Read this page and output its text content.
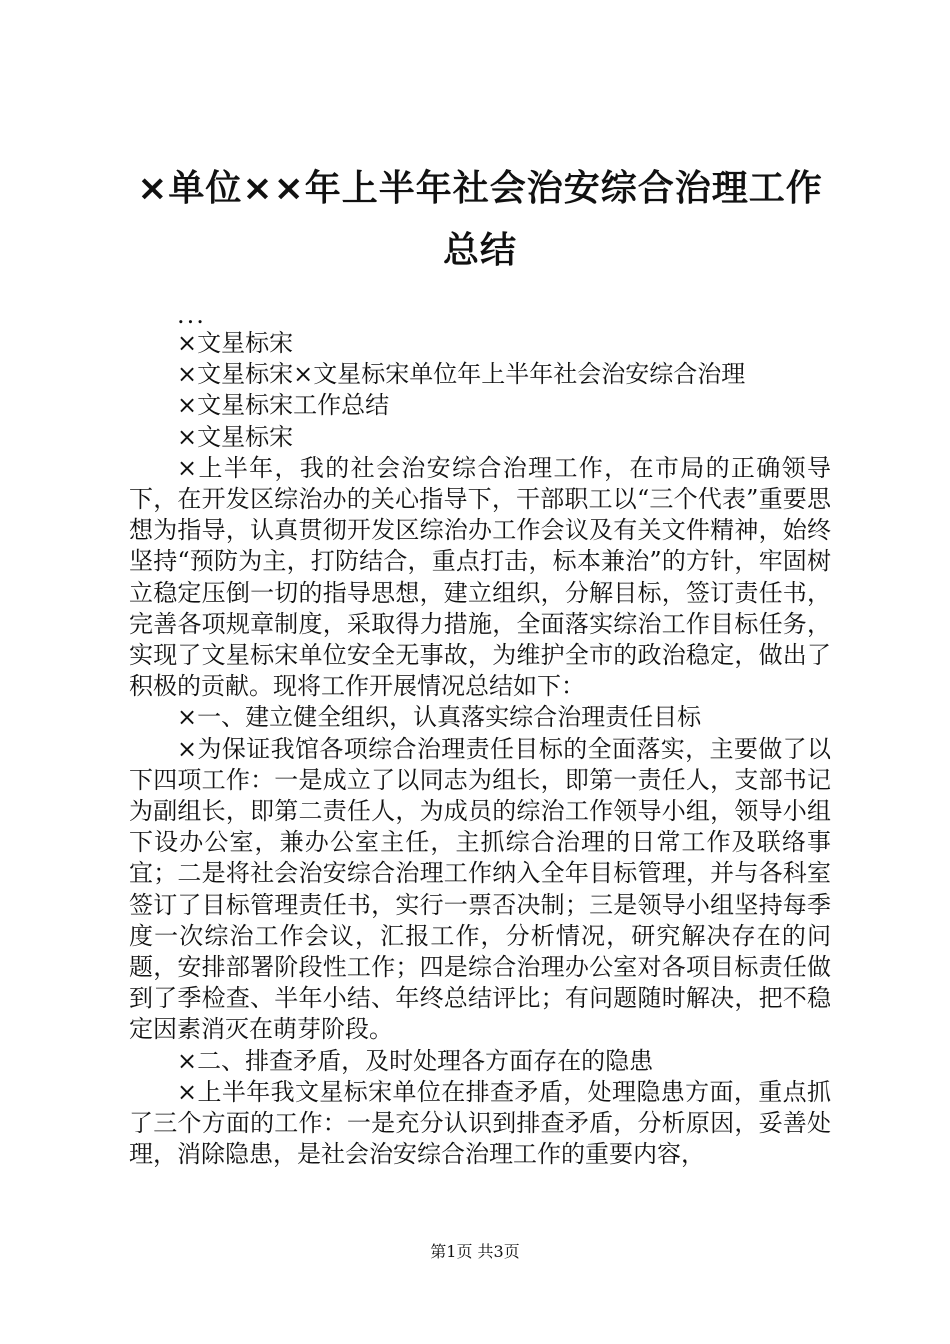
×单位××年上半年社会治安综合治理工作总结

...

×文星标宋

×文星标宋×文星标宋单位年上半年社会治安综合治理

×文星标宋工作总结

×文星标宋

×上半年，我的社会治安综合治理工作，在市局的正确领导下，在开发区综治办的关心指导下，干部职工以“三个代表”重要思想为指导，认真贯彻开发区综治办工作会议及有关文件精神，始终坚持“预防为主，打防结合，重点打击，标本兼治”的方针，牢固树立稳定压倒一切的指导思想，建立组织，分解目标，签订责任书，完善各项规章制度，采取得力措施，全面落实综治工作目标任务，实现了文星标宋单位安全无事故，为维护全市的政治稳定，做出了积极的贡献。现将工作开展情况总结如下：

×一、建立健全组织，认真落实综合治理责任目标

×为保证我馆各项综合治理责任目标的全面落实，主要做了以下四项工作：一是成立了以同志为组长，即第一责任人，支部书记为副组长，即第二责任人，为成员的综治工作领导小组，领导小组下设办公室，兼办公室主任，主抓综合治理的日常工作及联络事宜；二是将社会治安综合治理工作纳入全年目标管理，并与各科室签订了目标管理责任书，实行一票否决制；三是领导小组坚持每季度一次综治工作会议，汇报工作，分析情况，研究解决存在的问题，安排部署阶段性工作；四是综合治理办公室对各项目标责任做到了季检查、半年小结、年终总结评比；有问题随时解决，把不稳定因素消灭在萌芽阶段。

×二、排查矛盾，及时处理各方面存在的隐患

×上半年我文星标宋单位在排查矛盾，处理隐患方面，重点抓了三个方面的工作：一是充分认识到排查矛盾，分析原因，妥善处理，消除隐患，是社会治安综合治理工作的重要内容，

第1页 共3页
